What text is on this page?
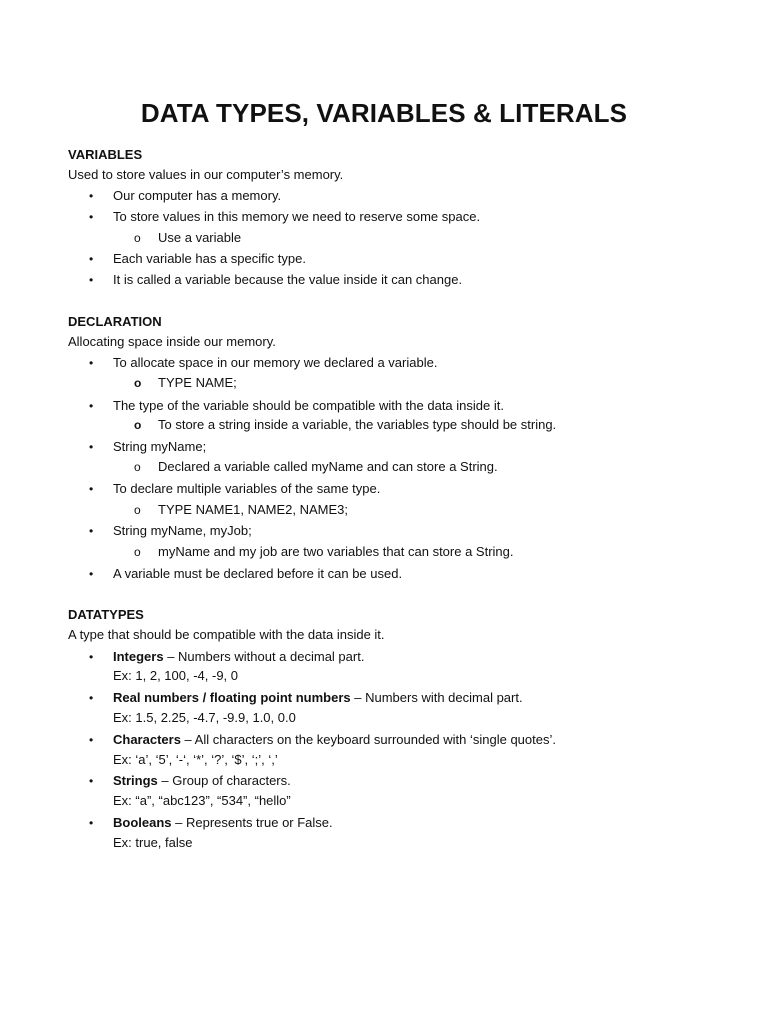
DATA TYPES, VARIABLES & LITERALS
VARIABLES
Used to store values in our computer’s memory.
• Our computer has a memory.
• To store values in this memory we need to reserve some space.
o Use a variable
• Each variable has a specific type.
• It is called a variable because the value inside it can change.
DECLARATION
Allocating space inside our memory.
• To allocate space in our memory we declared a variable.
o TYPE NAME;
• The type of the variable should be compatible with the data inside it.
o To store a string inside a variable, the variables type should be string.
• String myName;
o Declared a variable called myName and can store a String.
• To declare multiple variables of the same type.
o TYPE NAME1, NAME2, NAME3;
• String myName, myJob;
o myName and my job are two variables that can store a String.
• A variable must be declared before it can be used.
DATATYPES
A type that should be compatible with the data inside it.
• Integers – Numbers without a decimal part.
Ex: 1, 2, 100, -4, -9, 0
• Real numbers / floating point numbers – Numbers with decimal part.
Ex: 1.5, 2.25, -4.7, -9.9, 1.0, 0.0
• Characters – All characters on the keyboard surrounded with ‘single quotes’.
Ex: ‘a’, ‘5’, ‘-‘, ‘*’, ‘?’, ‘$’, ‘;’, ‘,’
• Strings – Group of characters.
Ex: “a”, “abc123”, “534”, “hello”
• Booleans – Represents true or False.
Ex: true, false
